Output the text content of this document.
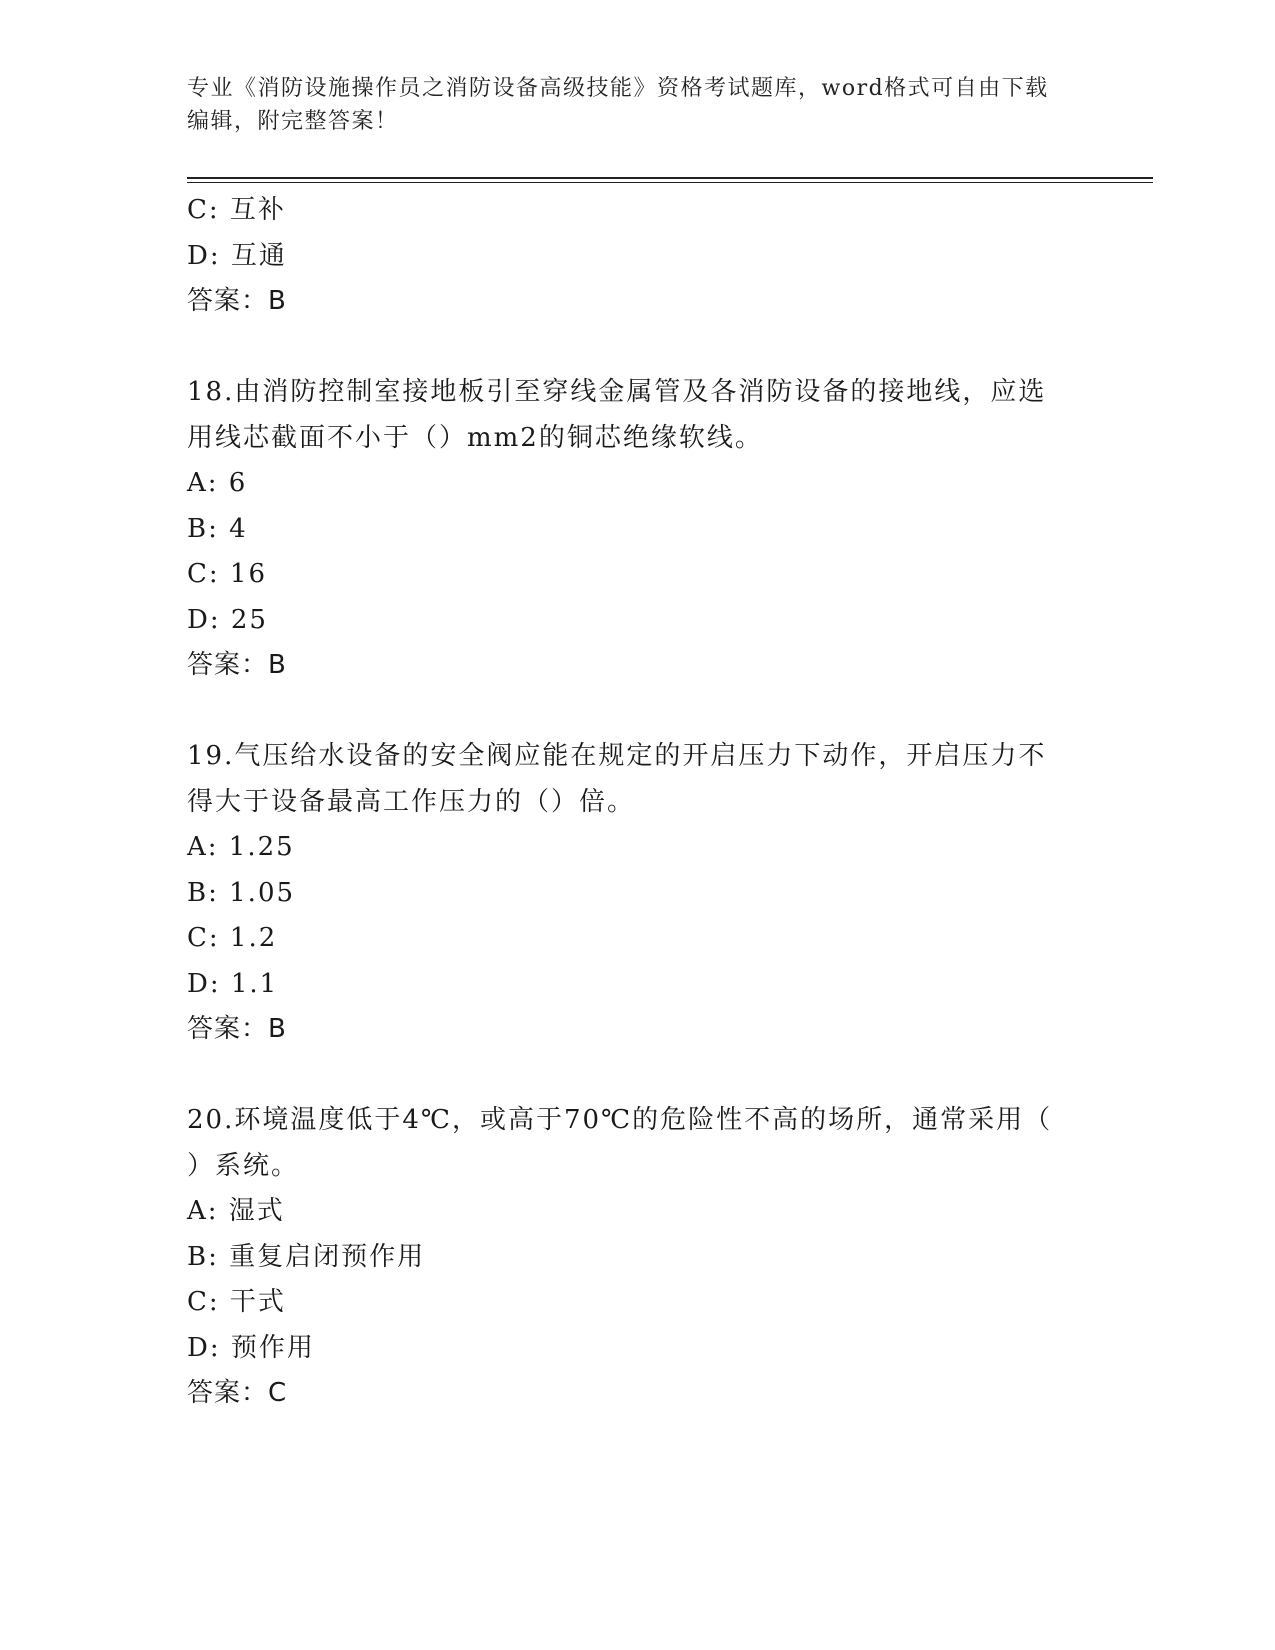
专业《消防设施操作员之消防设备高级技能》资格考试题库，word格式可自由下载编辑，附完整答案！
C: 互补
D: 互通
答案：B
18.由消防控制室接地板引至穿线金属管及各消防设备的接地线，应选
用线芯截面不小于（）mm2的铜芯绝缘软线。
A: 6
B: 4
C: 16
D: 25
答案：B
19.气压给水设备的安全阀应能在规定的开启压力下动作，开启压力不
得大于设备最高工作压力的（）倍。
A: 1.25
B: 1.05
C: 1.2
D: 1.1
答案：B
20.环境温度低于4℃，或高于70℃的危险性不高的场所，通常采用（
）系统。
A: 湿式
B: 重复启闭预作用
C: 干式
D: 预作用
答案：C
